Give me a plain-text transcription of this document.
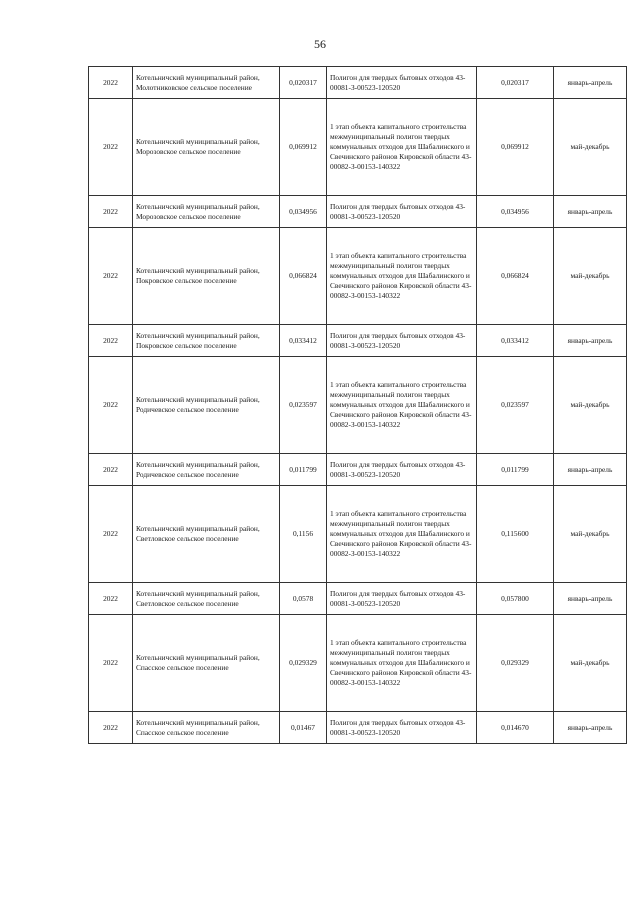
56
2022	Котельничский муниципальный район, Молотниковское сельское поселение	0,020317	Полигон для твердых бытовых отходов 43-00081-З-00523-120520	0,020317	январь-апрель
2022	Котельничский муниципальный район, Морозовское сельское поселение	0,069912	1 этап объекта капитального строительства межмуниципальный полигон твердых коммунальных отходов для Шабалинского и Свечинского районов Кировской области 43-00082-З-00153-140322	0,069912	май-декабрь
2022	Котельничский муниципальный район, Морозовское сельское поселение	0,034956	Полигон для твердых бытовых отходов 43-00081-З-00523-120520	0,034956	январь-апрель
2022	Котельничский муниципальный район, Покровское сельское поселение	0,066824	1 этап объекта капитального строительства межмуниципальный полигон твердых коммунальных отходов для Шабалинского и Свечинского районов Кировской области 43-00082-З-00153-140322	0,066824	май-декабрь
2022	Котельничский муниципальный район, Покровское сельское поселение	0,033412	Полигон для твердых бытовых отходов 43-00081-З-00523-120520	0,033412	январь-апрель
2022	Котельничский муниципальный район, Родичевское сельское поселение	0,023597	1 этап объекта капитального строительства межмуниципальный полигон твердых коммунальных отходов для Шабалинского и Свечинского районов Кировской области 43-00082-З-00153-140322	0,023597	май-декабрь
2022	Котельничский муниципальный район, Родичевское сельское поселение	0,011799	Полигон для твердых бытовых отходов 43-00081-З-00523-120520	0,011799	январь-апрель
2022	Котельничский муниципальный район, Светловское сельское поселение	0,1156	1 этап объекта капитального строительства межмуниципальный полигон твердых коммунальных отходов для Шабалинского и Свечинского районов Кировской области 43-00082-З-00153-140322	0,115600	май-декабрь
2022	Котельничский муниципальный район, Светловское сельское поселение	0,0578	Полигон для твердых бытовых отходов 43-00081-З-00523-120520	0,057800	январь-апрель
2022	Котельничский муниципальный район, Спасское сельское поселение	0,029329	1 этап объекта капитального строительства межмуниципальный полигон твердых коммунальных отходов для Шабалинского и Свечинского районов Кировской области 43-00082-З-00153-140322	0,029329	май-декабрь
2022	Котельничский муниципальный район, Спасское сельское поселение	0,01467	Полигон для твердых бытовых отходов 43-00081-З-00523-120520	0,014670	январь-апрель
